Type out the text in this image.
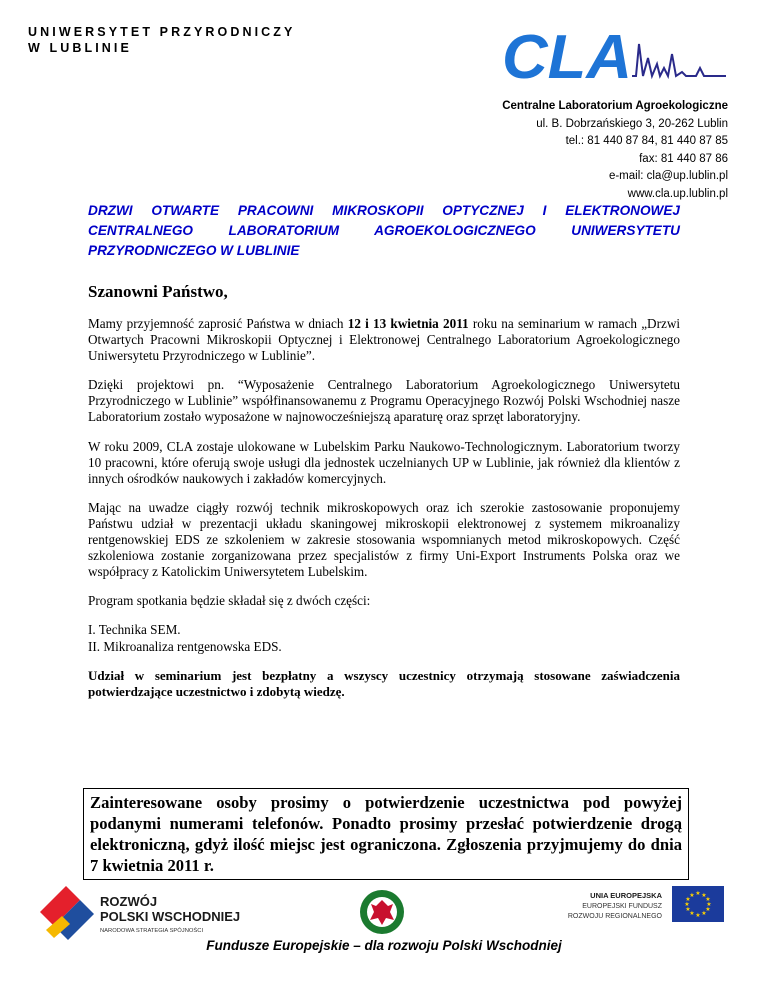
UNIWERSYTET PRZYRODNICZY
W LUBLINIE	CLA
Centralne Laboratorium Agroekologiczne
ul. B. Dobrzańskiego 3, 20-262 Lublin
tel.: 81 440 87 84, 81 440 87 85
fax: 81 440 87 86
e-mail: cla@up.lublin.pl
www.cla.up.lublin.pl
DRZWI OTWARTE PRACOWNI MIKROSKOPII OPTYCZNEJ I ELEKTRONOWEJ CENTRALNEGO LABORATORIUM AGROEKOLOGICZNEGO UNIWERSYTETU PRZYRODNICZEGO W LUBLINIE
Szanowni Państwo,

Mamy przyjemność zaprosić Państwa w dniach 12 i 13 kwietnia 2011 roku na seminarium w ramach „Drzwi Otwartych Pracowni Mikroskopii Optycznej i Elektronowej Centralnego Laboratorium Agroekologicznego Uniwersytetu Przyrodniczego w Lublinie”.

Dzięki projektowi pn. “Wyposażenie Centralnego Laboratorium Agroekologicznego Uniwersytetu Przyrodniczego w Lublinie” współfinansowanemu z Programu Operacyjnego Rozwój Polski Wschodniej nasze Laboratorium zostało wyposażone w najnowocześniejszą aparaturę oraz sprzęt laboratoryjny.

W roku 2009, CLA zostaje ulokowane w Lubelskim Parku Naukowo-Technologicznym. Laboratorium tworzy 10 pracowni, które oferują swoje usługi dla jednostek uczelnianych UP w Lublinie, jak również dla klientów z innych ośrodków naukowych i zakładów komercyjnych.

Mając na uwadze ciągły rozwój technik mikroskopowych oraz ich szerokie zastosowanie proponujemy Państwu udział w prezentacji układu skaningowej mikroskopii elektronowej z systemem mikroanalizy rentgenowskiej EDS ze szkoleniem w zakresie stosowania wspomnianych metod mikroskopowych. Część szkoleniowa zostanie zorganizowana przez specjalistów z firmy Uni-Export Instruments Polska oraz we współpracy z Katolickim Uniwersytetem Lubelskim.

Program spotkania będzie składał się z dwóch części:

I. Technika SEM.

II. Mikroanaliza rentgenowska EDS.

Udział w seminarium jest bezpłatny a wszyscy uczestnicy otrzymają stosowane zaświadczenia potwierdzające uczestnictwo i zdobytą wiedzę.

Zainteresowane osoby prosimy o potwierdzenie uczestnictwa pod powyżej podanymi numerami telefonów. Ponadto prosimy przesłać potwierdzenie drogą elektroniczną, gdyż ilość miejsc jest ograniczona. Zgłoszenia przyjmujemy do dnia 7 kwietnia 2011 r.
ROZWÓJ
POLSKI WSCHODNIEJ
NARODOWA STRATEGIA SPÓJNOŚCI
UNIA EUROPEJSKA
EUROPEJSKI FUNDUSZ
ROZWOJU REGIONALNEGO
★ ★
★
★
★
★
★
★
★
★
★
★
Fundusze Europejskie – dla rozwoju Polski Wschodniej
